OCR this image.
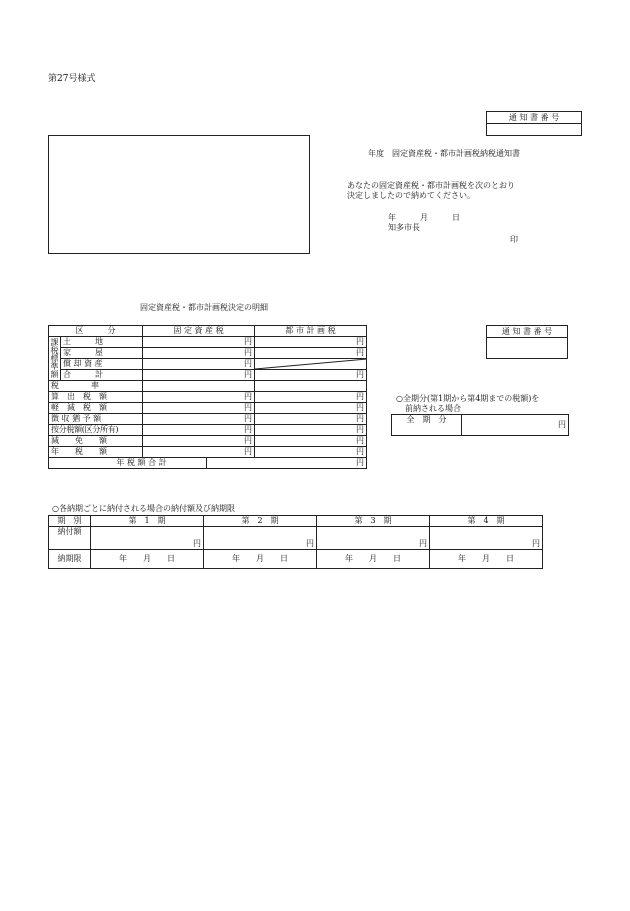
第27号様式
通 知 書 番 号

年度　固定資産税・都市計画税納税通知書
あなたの固定資産税・都市計画税を次のとおり
決定しましたので納めてください。
年　　　月　　　日
知多市長
印
固定資産税・都市計画税決定の明細
区　　　分		固 定 資 産 税	都 市 計 画 税

課
税
標
準
額	土　　　地	円	円
	家　　　屋	円	円
	償 却 資 産	円	

	合　　　計	円	円
税　　　　率			
算　出　税　額		円	円
軽　減　税　額		円	円
徴 収 猶 予 額		円	円
按分税額(区分所有)		円	円
減　　免　　額		円	円
年　　税　　額		円	円
年 税 額 合 計	円
通 知 書 番 号

○全期分(第1期から第4期までの税額)を
前納される場合
全　期　分	円
○各納期ごとに納付される場合の納付額及び納期限
期　別	第　1　期	第　2　期	第　3　期	第　4　期
納付額	円	円	円	円
納期限	年　　月　　日	年　　月　　日	年　　月　　日	年　　月　　日
